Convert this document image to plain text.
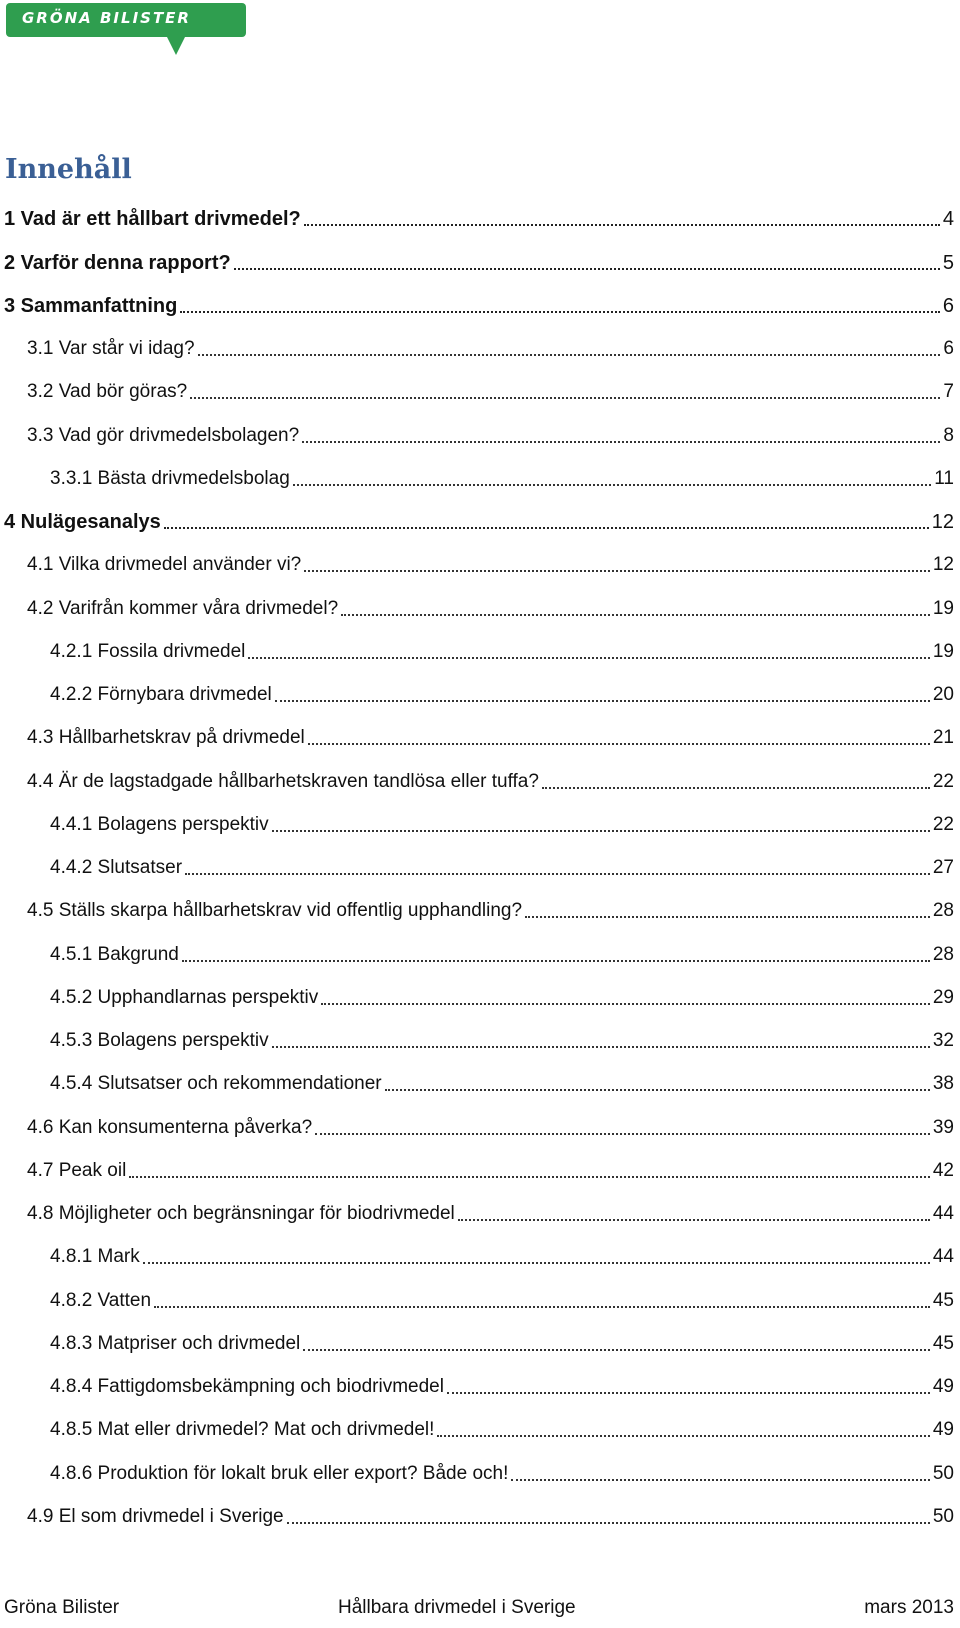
GRÖNA BILISTER
Innehåll
1 Vad är ett hållbart drivmedel?	4
2 Varför denna rapport?	5
3 Sammanfattning	6
3.1 Var står vi idag?	6
3.2 Vad bör göras?	7
3.3 Vad gör drivmedelsbolagen?	8
3.3.1 Bästa drivmedelsbolag	11
4 Nulägesanalys	12
4.1 Vilka drivmedel använder vi?	12
4.2 Varifrån kommer våra drivmedel?	19
4.2.1 Fossila drivmedel	19
4.2.2 Förnybara drivmedel	20
4.3 Hållbarhetskrav på drivmedel	21
4.4 Är de lagstadgade hållbarhetskraven tandlösa eller tuffa?	22
4.4.1 Bolagens perspektiv	22
4.4.2 Slutsatser	27
4.5 Ställs skarpa hållbarhetskrav vid offentlig upphandling?	28
4.5.1 Bakgrund	28
4.5.2 Upphandlarnas perspektiv	29
4.5.3 Bolagens perspektiv	32
4.5.4 Slutsatser och rekommendationer	38
4.6 Kan konsumenterna påverka?	39
4.7 Peak oil	42
4.8 Möjligheter och begränsningar för biodrivmedel	44
4.8.1 Mark	44
4.8.2 Vatten	45
4.8.3 Matpriser och drivmedel	45
4.8.4 Fattigdomsbekämpning och biodrivmedel	49
4.8.5 Mat eller drivmedel? Mat och drivmedel!	49
4.8.6 Produktion för lokalt bruk eller export? Både och!	50
4.9 El som drivmedel i Sverige	50
Gröna Bilister	Hållbara drivmedel i Sverige	mars 2013
